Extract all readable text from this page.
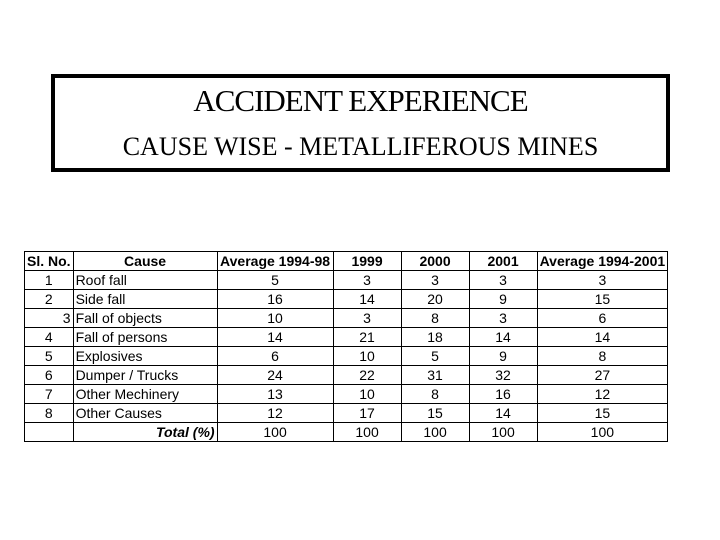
ACCIDENT EXPERIENCE
CAUSE WISE - METALLIFEROUS MINES
Sl. No.	Cause	Average 1994-98	1999	2000	2001	Average 1994-2001
1	Roof fall	5	3	3	3	3
2	Side fall	16	14	20	9	15
3	Fall of objects	10	3	8	3	6
4	Fall of persons	14	21	18	14	14
5	Explosives	6	10	5	9	8
6	Dumper / Trucks	24	22	31	32	27
7	Other Mechinery	13	10	8	16	12
8	Other Causes	12	17	15	14	15
	Total (%)	100	100	100	100	100
